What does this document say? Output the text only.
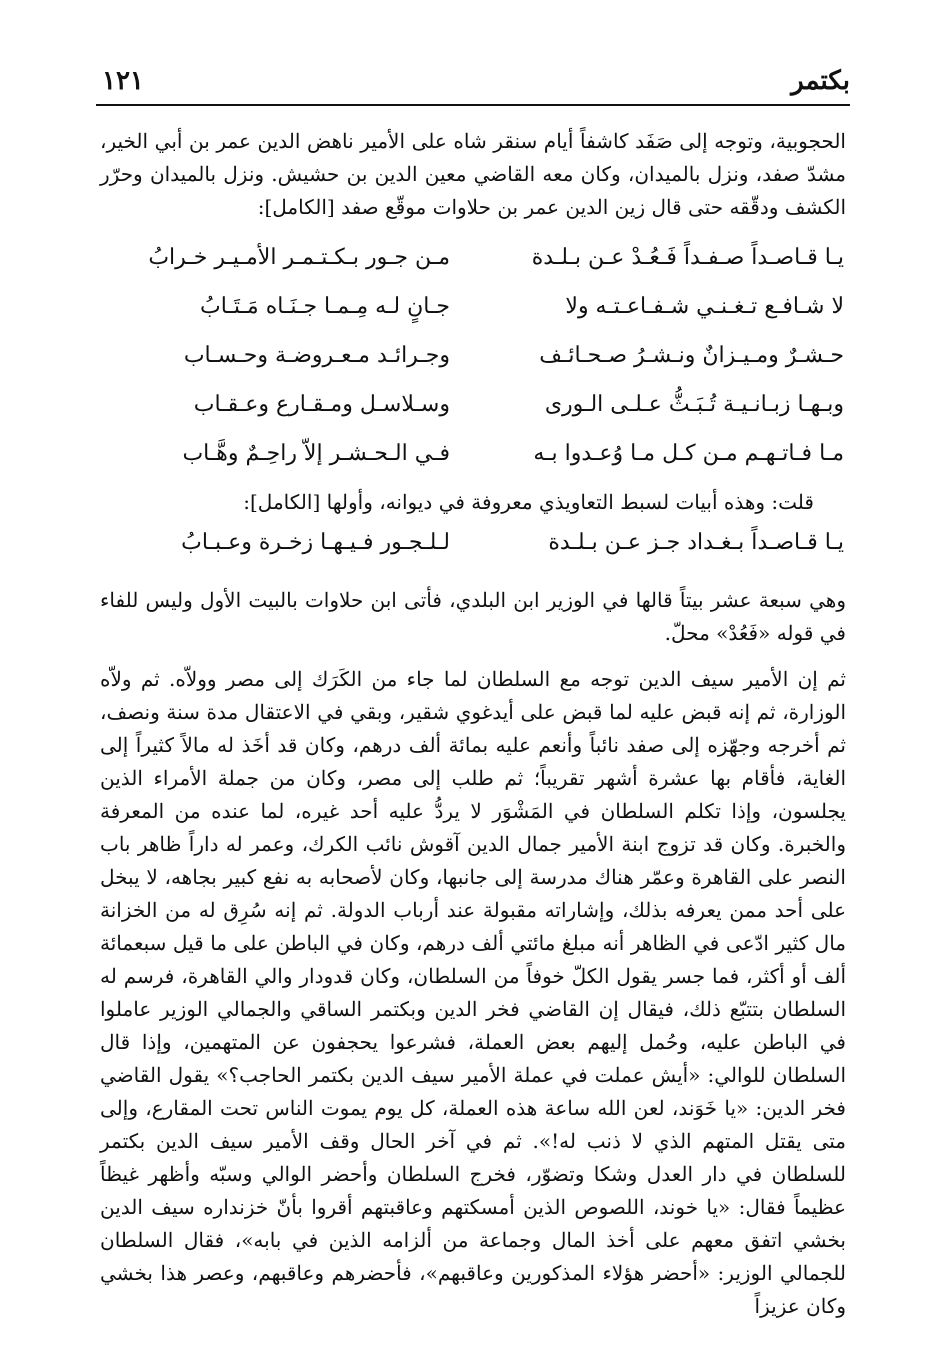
بكتمر
١٢١

الحجوبية، وتوجه إلى صَفَد كاشفاً أيام سنقر شاه على الأمير ناهض الدين عمر بن أبي الخير، مشدّ صفد، ونزل بالميدان، وكان معه القاضي معين الدين بن حشيش. ونزل بالميدان وحرّر الكشف ودقّقه حتى قال زين الدين عمر بن حلاوات موقّع صفد [الكامل]:

يـا قـاصـداً صـفـداً فَـعُـدْ عـن بـلـدة
مـن جـور بـكـتـمـر الأمـيـر خـرابُ
لا شـافـع تـغـنـي شـفـاعـتـه ولا
جـانٍ لـه مِـمـا جـنَـاه مَـتَـابُ
حـشـرٌ ومـيـزانٌ ونـشـرُ صـحـائـف
وجـرائـد مـعـروضـة وحـسـاب
وبـهـا زبـانـيـة تُـبَـثُّ عـلـى الـورى
وسـلاسـل ومـقـارع وعـقـاب
مـا فـاتـهـم مـن كـل مـا وُعـدوا بـه
فـي الـحـشـر إلاّ راحِـمٌ وهَّـاب

قلت: وهذه أبيات لسبط التعاويذي معروفة في ديوانه، وأولها [الكامل]:

يـا قـاصـداً بـغـداد جـز عـن بـلـدة
لـلـجـور فـيـهـا زخـرة وعـبـابُ

وهي سبعة عشر بيتاً قالها في الوزير ابن البلدي، فأتى ابن حلاوات بالبيت الأول وليس للفاء في قوله «فَعُدْ» محلّ.

ثم إن الأمير سيف الدين توجه مع السلطان لما جاء من الكَرَك إلى مصر وولاّه. ثم ولاّه الوزارة، ثم إنه قبض عليه لما قبض على أيدغوي شقير، وبقي في الاعتقال مدة سنة ونصف، ثم أخرجه وجهّزه إلى صفد نائباً وأنعم عليه بمائة ألف درهم، وكان قد أخَذ له مالاً كثيراً إلى الغاية، فأقام بها عشرة أشهر تقريباً؛ ثم طلب إلى مصر، وكان من جملة الأمراء الذين يجلسون، وإذا تكلم السلطان في المَشْوَر لا يردُّ عليه أحد غيره، لما عنده من المعرفة والخبرة. وكان قد تزوج ابنة الأمير جمال الدين آقوش نائب الكرك، وعمر له داراً ظاهر باب النصر على القاهرة وعمّر هناك مدرسة إلى جانبها، وكان لأصحابه به نفع كبير بجاهه، لا يبخل على أحد ممن يعرفه بذلك، وإشاراته مقبولة عند أرباب الدولة. ثم إنه سُرِق له من الخزانة مال كثير ادّعى في الظاهر أنه مبلغ مائتي ألف درهم، وكان في الباطن على ما قيل سبعمائة ألف أو أكثر، فما جسر يقول الكلّ خوفاً من السلطان، وكان قدودار والي القاهرة، فرسم له السلطان بتتبّع ذلك، فيقال إن القاضي فخر الدين وبكتمر الساقي والجمالي الوزير عاملوا في الباطن عليه، وحُمل إليهم بعض العملة، فشرعوا يحجفون عن المتهمين، وإذا قال السلطان للوالي: «أيش عملت في عملة الأمير سيف الدين بكتمر الحاجب؟» يقول القاضي فخر الدين: «يا خَوَند، لعن الله ساعة هذه العملة، كل يوم يموت الناس تحت المقارع، وإلى متى يقتل المتهم الذي لا ذنب له!». ثم في آخر الحال وقف الأمير سيف الدين بكتمر للسلطان في دار العدل وشكا وتضوّر، فخرج السلطان وأحضر الوالي وسبّه وأظهر غيظاً عظيماً فقال: «يا خوند، اللصوص الذين أمسكتهم وعاقبتهم أقروا بأنّ خزنداره سيف الدين بخشي اتفق معهم على أخذ المال وجماعة من ألزامه الذين في بابه»، فقال السلطان للجمالي الوزير: «أحضر هؤلاء المذكورين وعاقبهم»، فأحضرهم وعاقبهم، وعصر هذا بخشي وكان عزيزاً
